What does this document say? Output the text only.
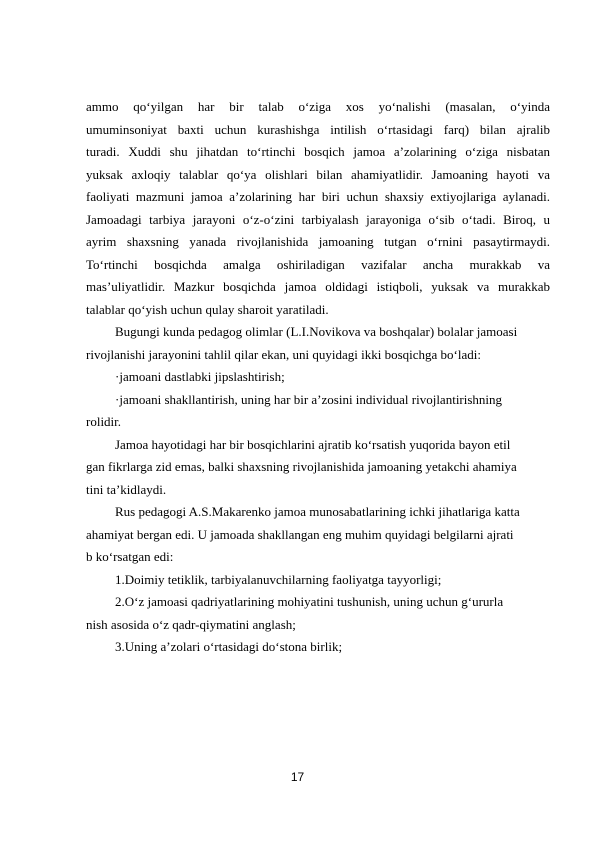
ammo qoʻyilgan har bir talab oʻziga xos yoʻnalishi (masalan, oʻyinda
umuminsoniyat baxti uchun kurashishga intilish oʻrtasidagi farq) bilan ajralib
turadi. Xuddi shu jihatdan toʻrtinchi bosqich jamoa a’zolarining oʻziga nisbatan
yuksak axloqiy talablar qoʻya olishlari bilan ahamiyatlidir. Jamoaning hayoti va
faoliyati mazmuni jamoa a’zolarining har biri uchun shaxsiy extiyojlariga aylanadi.
Jamoadagi tarbiya jarayoni oʻz-oʻzini tarbiyalash jarayoniga oʻsib oʻtadi. Biroq, u
ayrim shaxsning yanada rivojlanishida jamoaning tutgan oʻrnini pasaytirmaydi.
Toʻrtinchi bosqichda amalga oshiriladigan vazifalar ancha murakkab va
mas’uliyatlidir. Mazkur bosqichda jamoa oldidagi istiqboli, yuksak va murakkab
talablar qoʻyish uchun qulay sharoit yaratiladi.

Bugungi kunda pedagog olimlar (L.I.Novikova va boshqalar) bolalar jamoasi

rivojlanishi jarayonini tahlil qilar ekan, uni quyidagi ikki bosqichga boʻladi:

·jamoani dastlabki jipslashtirish;

·jamoani shakllantirish, uning har bir a’zosini individual rivojlantirishning

rolidir.

Jamoa hayotidagi har bir bosqichlarini ajratib koʻrsatish yuqorida bayon etil

gan fikrlarga zid emas, balki shaxsning rivojlanishida jamoaning yetakchi ahamiya
tini ta’kidlaydi.

Rus pedagogi A.S.Makarenko jamoa munosabatlarining ichki jihatlariga katta

ahamiyat bergan edi. U jamoada shakllangan eng muhim quyidagi belgilarni ajrati
b koʻrsatgan edi:

1.Doimiy tetiklik, tarbiyalanuvchilarning faoliyatga tayyorligi;

2.Oʻz jamoasi qadriyatlarining mohiyatini tushunish, uning uchun gʻururla

nish asosida oʻz qadr-qiymatini anglash;

3.Uning a’zolari oʻrtasidagi doʻstona birlik;

17
